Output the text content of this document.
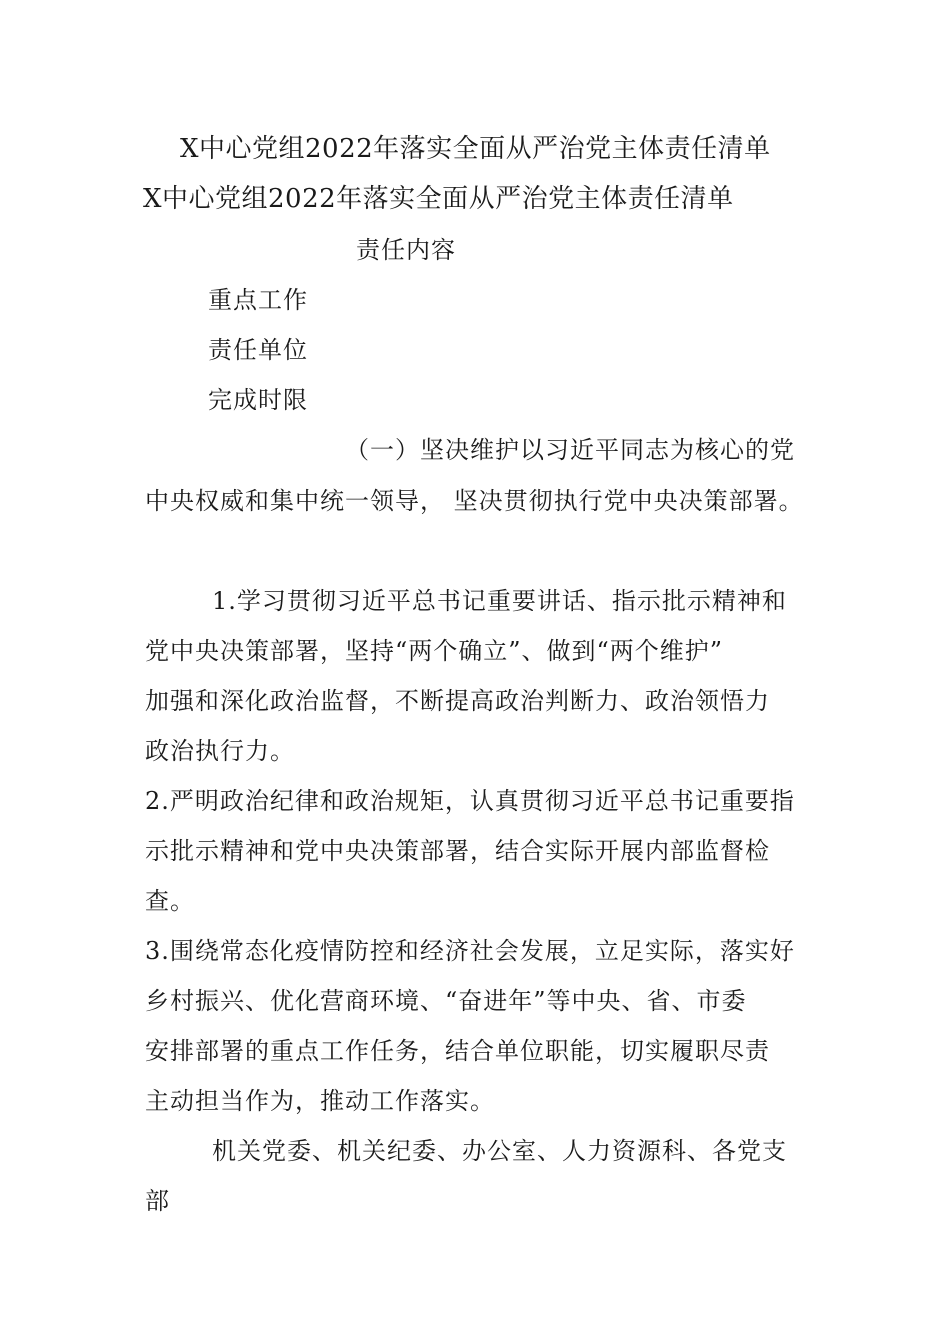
X中心党组2022年落实全面从严治党主体责任清单
X中心党组2022年落实全面从严治党主体责任清单
责任内容
重点工作
责任单位
完成时限
（一）坚决维护以习近平同志为核心的党
中央权威和集中统一领导， 坚决贯彻执行党中央决策部署。
1.学习贯彻习近平总书记重要讲话、指示批示精神和
党中央决策部署，坚持“两个确立”、做到“两个维护”
加强和深化政治监督，不断提高政治判断力、政治领悟力
政治执行力。
2.严明政治纪律和政治规矩，认真贯彻习近平总书记重要指
示批示精神和党中央决策部署，结合实际开展内部监督检
查。
3.围绕常态化疫情防控和经济社会发展，立足实际，落实好
乡村振兴、优化营商环境、“奋进年”等中央、省、市委
安排部署的重点工作任务，结合单位职能，切实履职尽责
主动担当作为，推动工作落实。
机关党委、机关纪委、办公室、人力资源科、各党支
部
